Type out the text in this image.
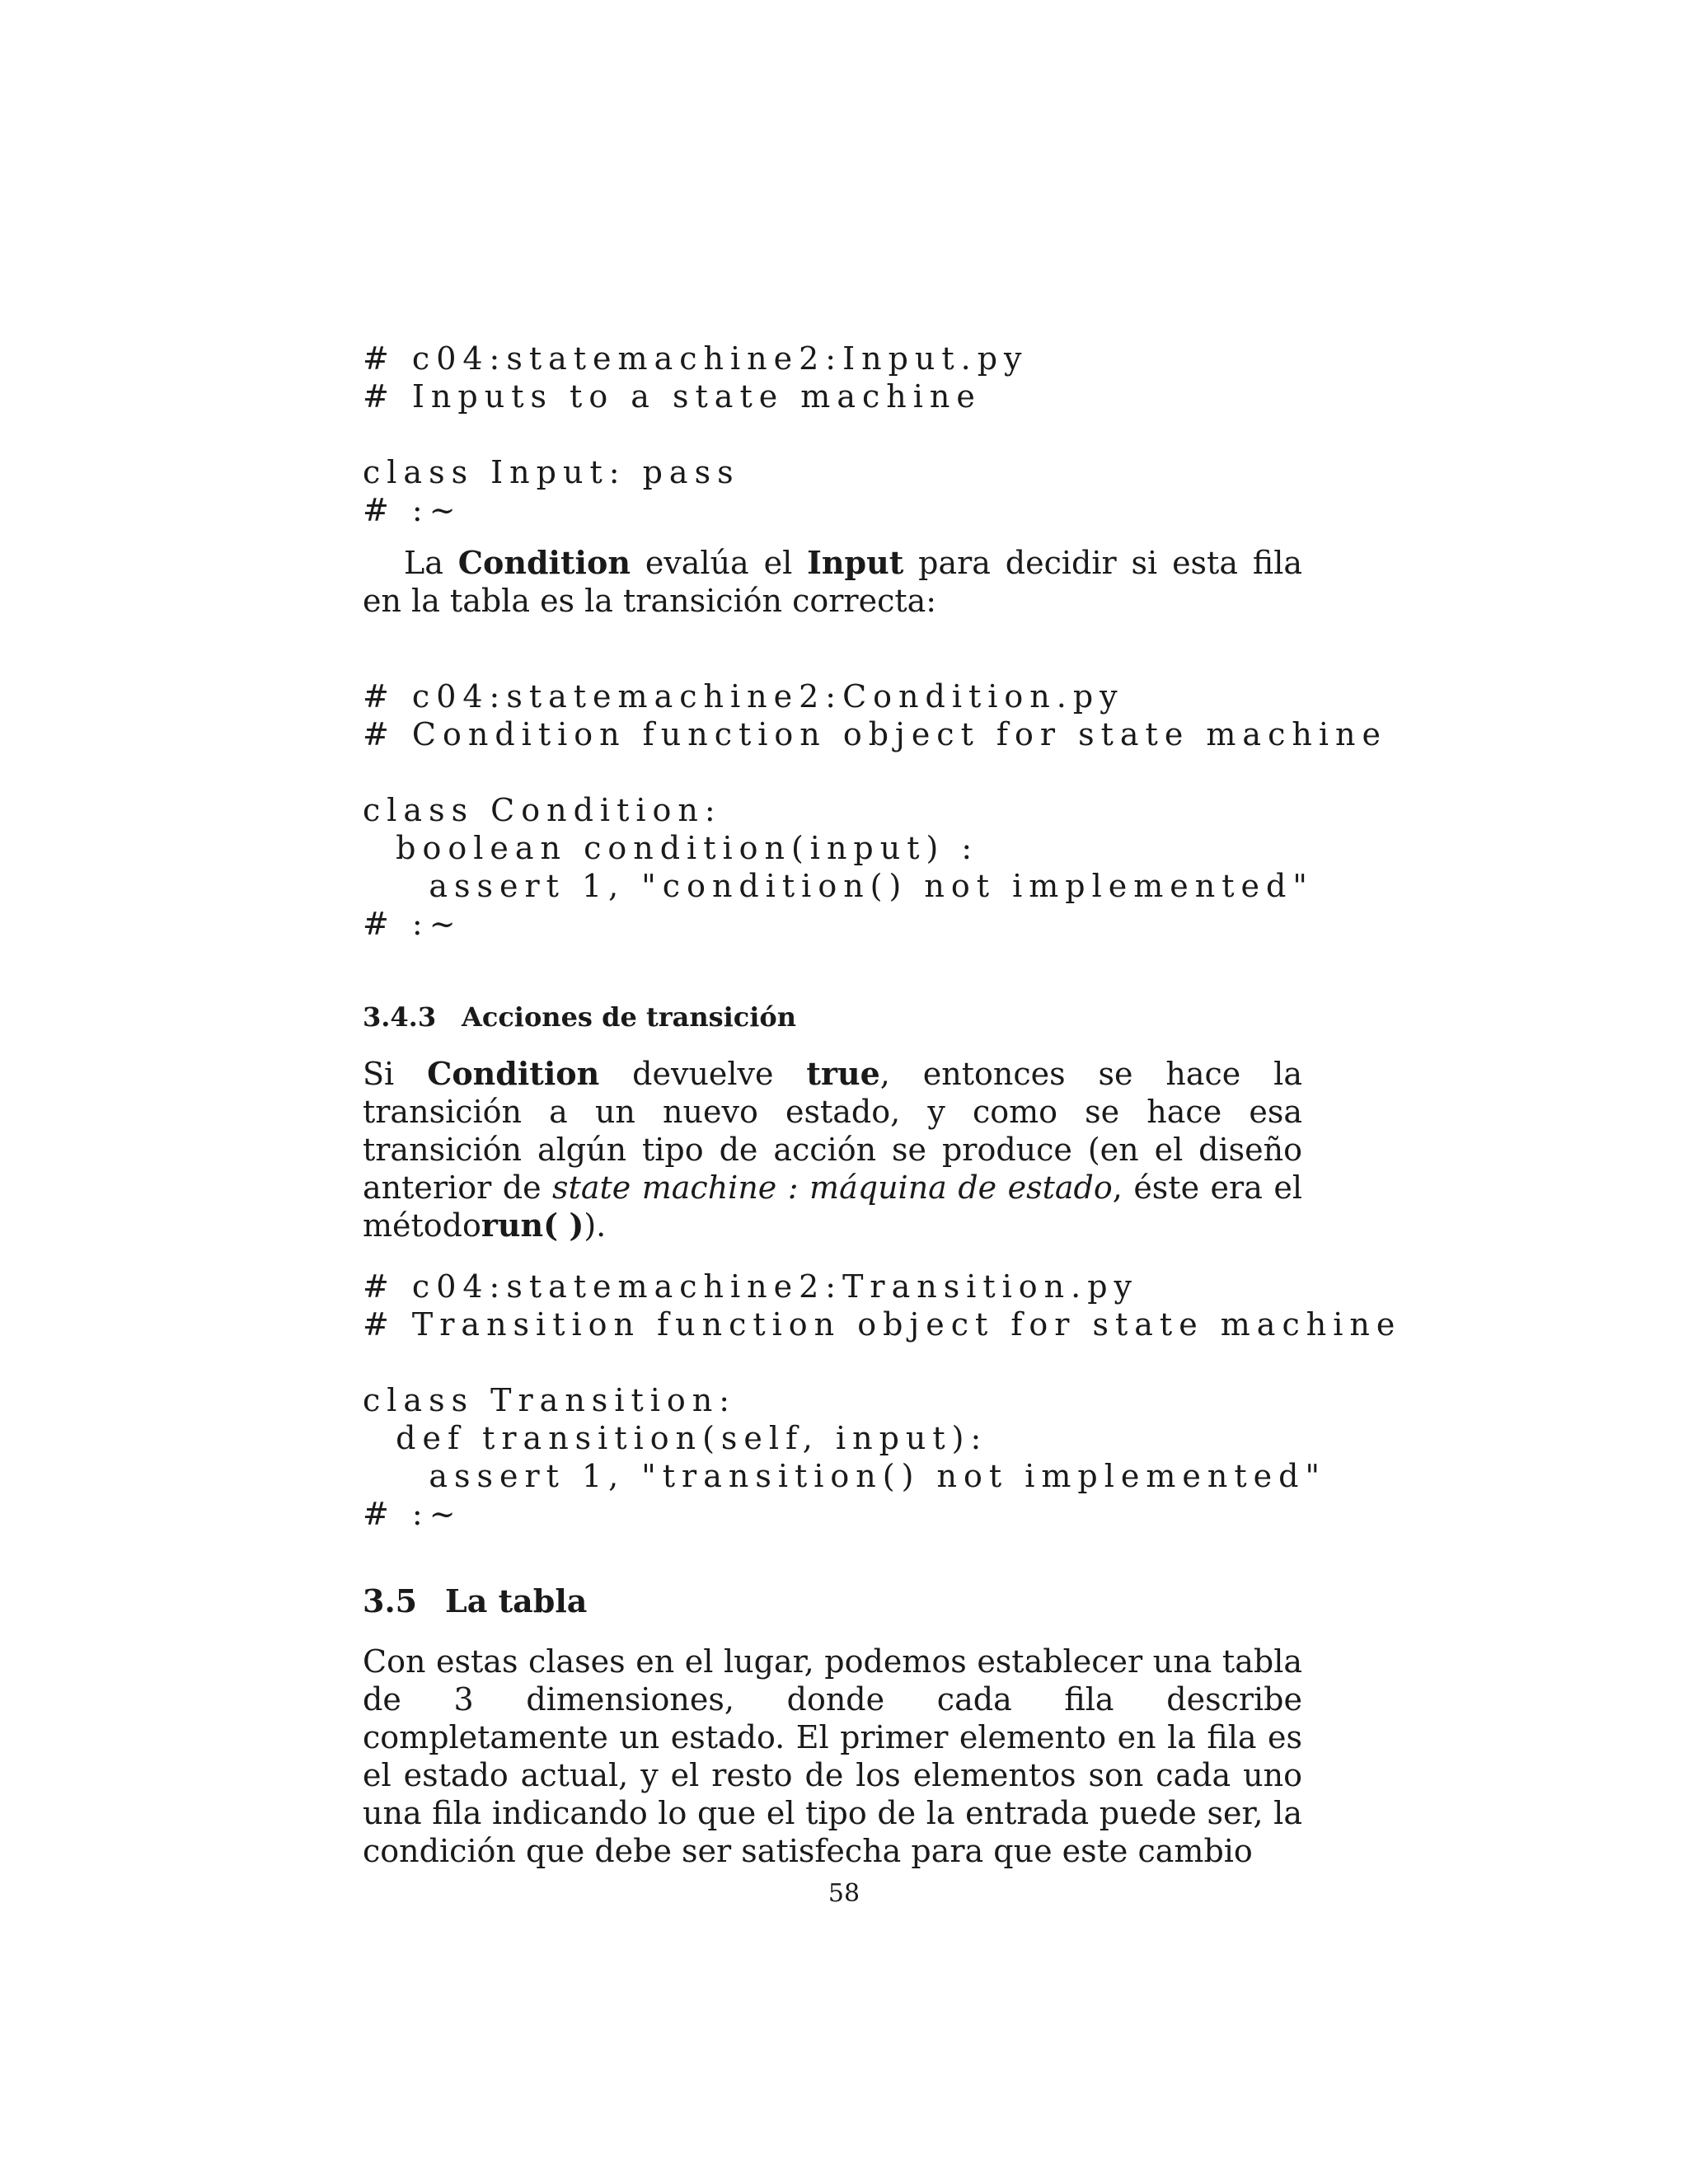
# c04:statemachine2:Input.py
# Inputs to a state machine

class Input: pass
# :~

La Condition evalúa el Input para decidir si esta fila en la tabla es la transición correcta:

# c04:statemachine2:Condition.py
# Condition function object for state machine

class Condition:
boolean condition(input) :
assert 1, "condition() not implemented"
# :~

3.4.3 Acciones de transición

Si Condition devuelve true, entonces se hace la transición a un nuevo estado, y como se hace esa transición algún tipo de acción se produce (en el diseño anterior de state machine : máquina de estado, éste era el métodorun( )).

# c04:statemachine2:Transition.py
# Transition function object for state machine

class Transition:
def transition(self, input):
assert 1, "transition() not implemented"
# :~

3.5 La tabla

Con estas clases en el lugar, podemos establecer una tabla de 3 dimensiones, donde cada fila describe completamente un estado. El primer elemento en la fila es el estado actual, y el resto de los elementos son cada uno una fila indicando lo que el tipo de la entrada puede ser, la condición que debe ser satisfecha para que este cambio

58
